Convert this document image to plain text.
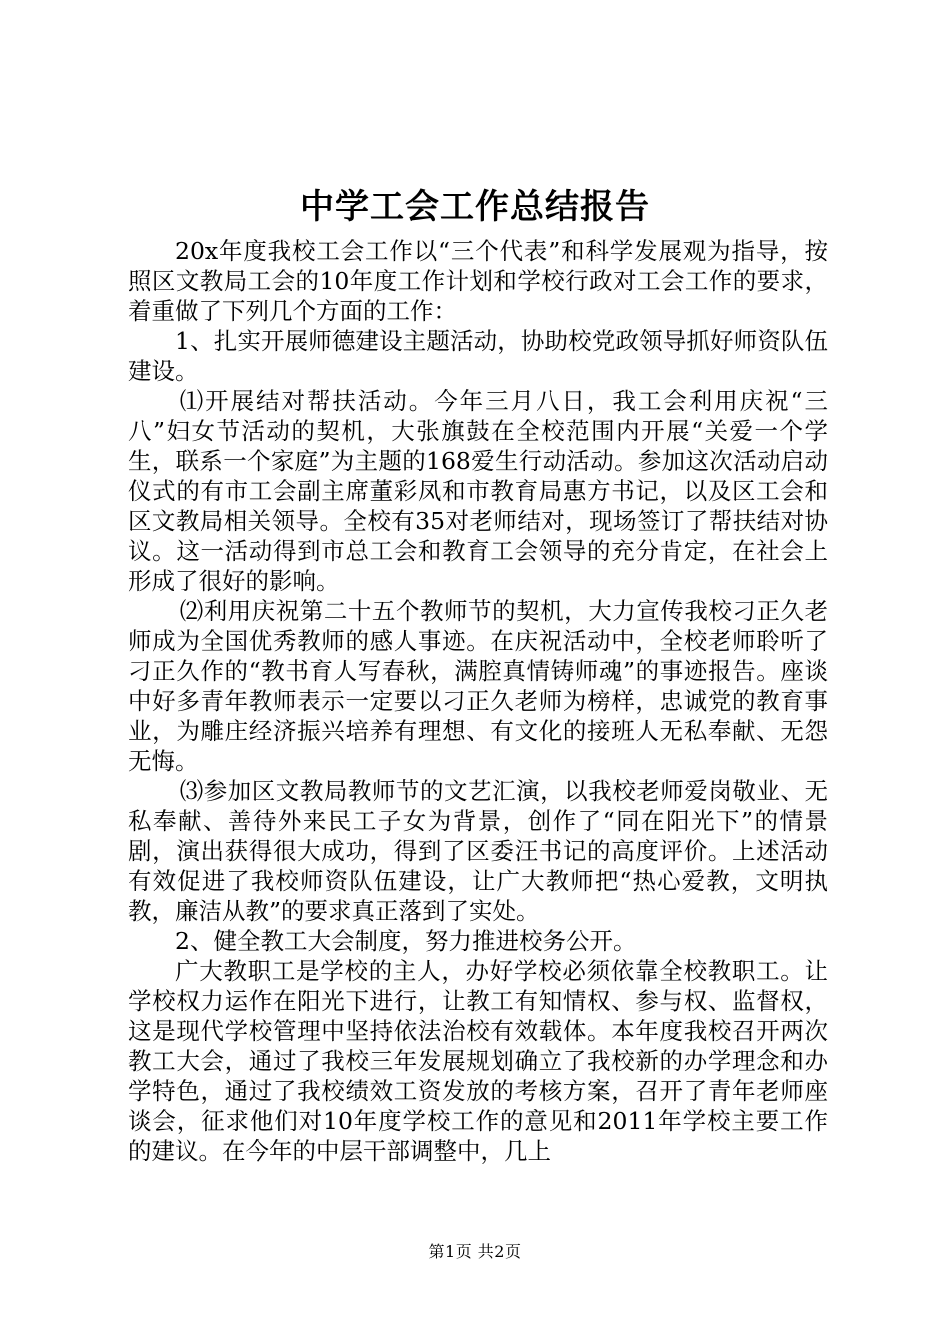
中学工会工作总结报告

20x年度我校工会工作以“三个代表”和科学发展观为指导，按照区文教局工会的10年度工作计划和学校行政对工会工作的要求，着重做了下列几个方面的工作：

1、扎实开展师德建设主题活动，协助校党政领导抓好师资队伍建设。

⑴开展结对帮扶活动。今年三月八日，我工会利用庆祝“三八”妇女节活动的契机，大张旗鼓在全校范围内开展“关爱一个学生，联系一个家庭”为主题的168爱生行动活动。参加这次活动启动仪式的有市工会副主席董彩凤和市教育局惠方书记，以及区工会和区文教局相关领导。全校有35对老师结对，现场签订了帮扶结对协议。这一活动得到市总工会和教育工会领导的充分肯定，在社会上形成了很好的影响。

⑵利用庆祝第二十五个教师节的契机，大力宣传我校刁正久老师成为全国优秀教师的感人事迹。在庆祝活动中，全校老师聆听了刁正久作的“教书育人写春秋，满腔真情铸师魂”的事迹报告。座谈中好多青年教师表示一定要以刁正久老师为榜样，忠诚党的教育事业，为雕庄经济振兴培养有理想、有文化的接班人无私奉献、无怨无悔。

⑶参加区文教局教师节的文艺汇演，以我校老师爱岗敬业、无私奉献、善待外来民工子女为背景，创作了“同在阳光下”的情景剧，演出获得很大成功，得到了区委汪书记的高度评价。上述活动有效促进了我校师资队伍建设，让广大教师把“热心爱教，文明执教，廉洁从教”的要求真正落到了实处。

2、健全教工大会制度，努力推进校务公开。

广大教职工是学校的主人，办好学校必须依靠全校教职工。让学校权力运作在阳光下进行，让教工有知情权、参与权、监督权，这是现代学校管理中坚持依法治校有效载体。本年度我校召开两次教工大会，通过了我校三年发展规划确立了我校新的办学理念和办学特色，通过了我校绩效工资发放的考核方案，召开了青年老师座谈会，征求他们对10年度学校工作的意见和2011年学校主要工作的建议。在今年的中层干部调整中，几上

第1页 共2页
